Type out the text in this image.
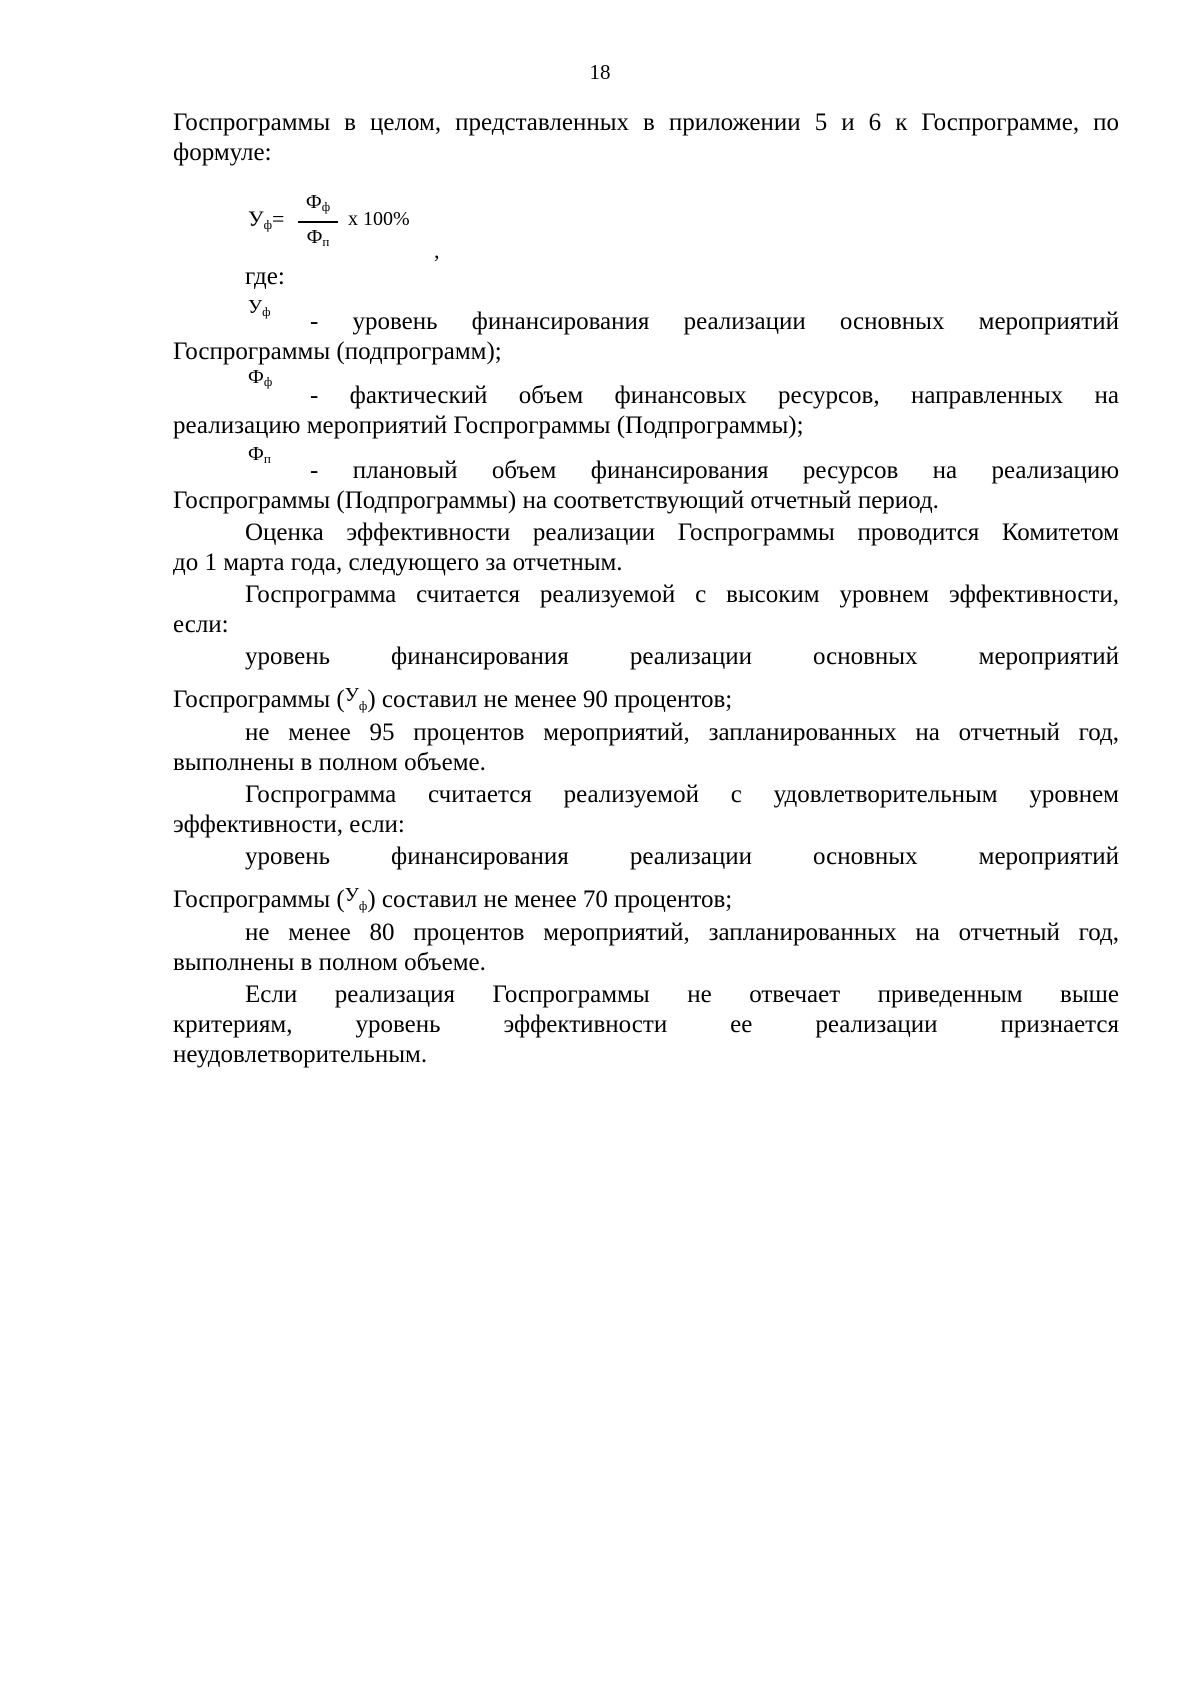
18
Госпрограммы в целом, представленных в приложении 5 и 6 к Госпрограмме, по
формуле:
Уф=
Фф
Фп
х 100%
,
где:
Уф - уровень финансирования реализации основных мероприятий
Госпрограммы (подпрограмм);
Фф
- фактический объем финансовых ресурсов, направленных на
реализацию мероприятий Госпрограммы (Подпрограммы);
Фп - плановый объем финансирования ресурсов на реализацию
Госпрограммы (Подпрограммы) на соответствующий отчетный период.
Оценка эффективности реализации Госпрограммы проводится Комитетом
до 1 марта года, следующего за отчетным.
Госпрограмма считается реализуемой с высоким уровнем эффективности,
если:
уровень финансирования реализации основных мероприятий
Госпрограммы ($^У$ф) составил не менее 90 процентов;
не менее 95 процентов мероприятий, запланированных на отчетный год,
выполнены в полном объеме.
Госпрограмма считается реализуемой с удовлетворительным уровнем
эффективности, если:
уровень финансирования реализации основных мероприятий
Госпрограммы ($^У$ф) составил не менее 70 процентов;
не менее 80 процентов мероприятий, запланированных на отчетный год,
выполнены в полном объеме.
Если реализация Госпрограммы не отвечает приведенным выше
критериям, уровень эффективности ее реализации признается
неудовлетворительным.
